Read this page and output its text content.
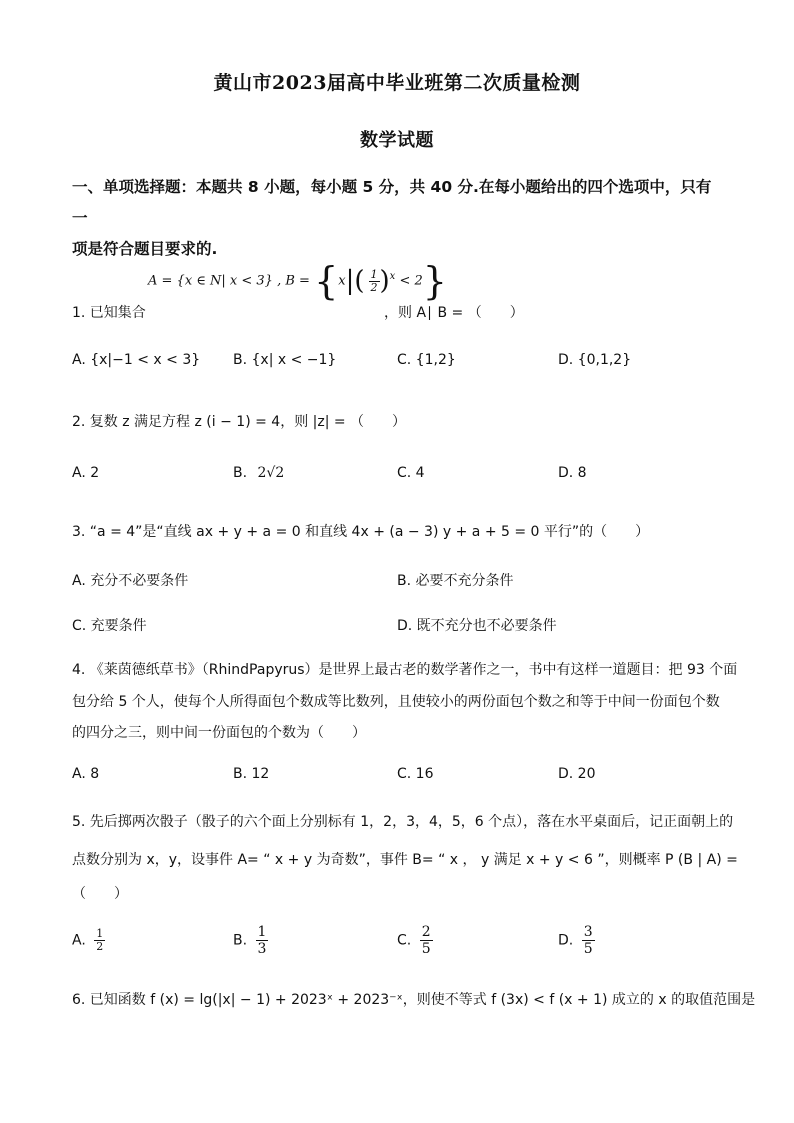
黄山市2023届高中毕业班第二次质量检测
数学试题
一、单项选择题：本题共 8 小题，每小题 5 分，共 40 分.在每小题给出的四个选项中，只有一
项是符合题目要求的.
A = {x ∈ N| x < 3} , $B = \{x|( \frac{1}{2} )^x < 2\}$
1. 已知集合	，则 A∣ B = （　　）
A. {x|−1 < x < 3} B. {x| x < −1}	C. {1,2}	D. {0,1,2}
2. 复数 z 满足方程 z (i − 1) = 4，则 |z| = （　　）
A. 2	B. 2√2	C. 4	D. 8
3. “a = 4”是“直线 ax + y + a = 0 和直线 4x + (a − 3) y + a + 5 = 0 平行”的（　　）
A. 充分不必要条件	B. 必要不充分条件
C. 充要条件	D. 既不充分也不必要条件
4. 《莱茵德纸草书》（RhindPapyrus）是世界上最古老的数学著作之一，书中有这样一道题目：把 93 个面
包分给 5 个人，使每个人所得面包个数成等比数列，且使较小的两份面包个数之和等于中间一份面包个数
的四分之三，则中间一份面包的个数为（　　）
A. 8	B. 12	C. 16	D. 20
5. 先后掷两次骰子（骰子的六个面上分别标有 1，2，3，4，5，6 个点），落在水平桌面后，记正面朝上的
点数分别为 x，y，设事件 A= “ x + y 为奇数”，事件 B= “ x ， y 满足 x + y < 6 ”，则概率 P (B | A) =
（　　）
A. $\frac{1}{2}$	B. $\frac{1}{3}$	C. $\frac{2}{5}$	D. $\frac{3}{5}$
6. 已知函数 f (x) = lg(|x| − 1) + 2023ˣ + 2023⁻ˣ，则使不等式 f (3x) < f (x + 1) 成立的 x 的取值范围是
